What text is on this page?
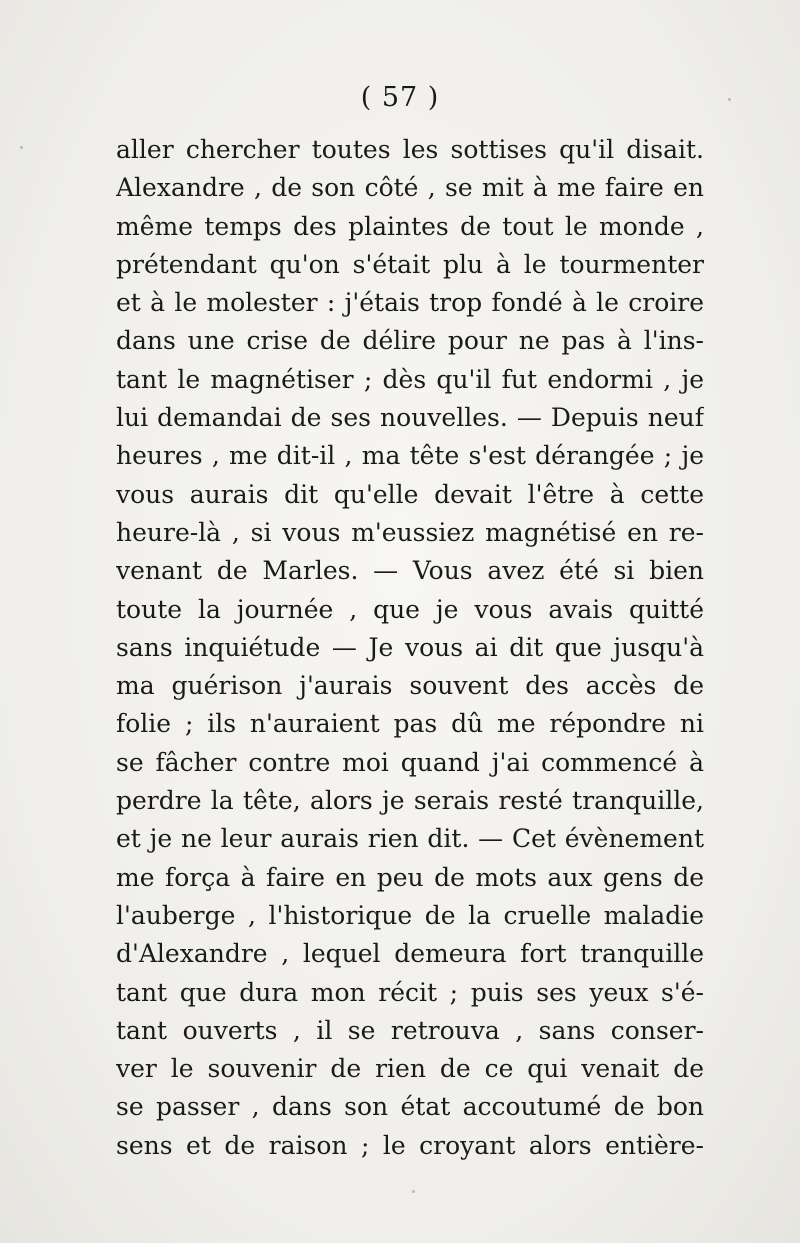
( 57 )
aller chercher toutes les sottises qu'il disait.
Alexandre , de son côté , se mit à me faire en
même temps des plaintes de tout le monde ,
prétendant qu'on s'était plu à le tourmenter
et à le molester : j'étais trop fondé à le croire
dans une crise de délire pour ne pas à l'ins-
tant le magnétiser ; dès qu'il fut endormi , je
lui demandai de ses nouvelles. — Depuis neuf
heures , me dit-il , ma tête s'est dérangée ; je
vous aurais dit qu'elle devait l'être à cette
heure-là , si vous m'eussiez magnétisé en re-
venant de Marles. — Vous avez été si bien
toute la journée , que je vous avais quitté
sans inquiétude — Je vous ai dit que jusqu'à
ma guérison j'aurais souvent des accès de
folie ; ils n'auraient pas dû me répondre ni
se fâcher contre moi quand j'ai commencé à
perdre la tête, alors je serais resté tranquille,
et je ne leur aurais rien dit. — Cet évènement
me força à faire en peu de mots aux gens de
l'auberge , l'historique de la cruelle maladie
d'Alexandre , lequel demeura fort tranquille
tant que dura mon récit ; puis ses yeux s'é-
tant ouverts , il se retrouva , sans conser-
ver le souvenir de rien de ce qui venait de
se passer , dans son état accoutumé de bon
sens et de raison ; le croyant alors entière-
